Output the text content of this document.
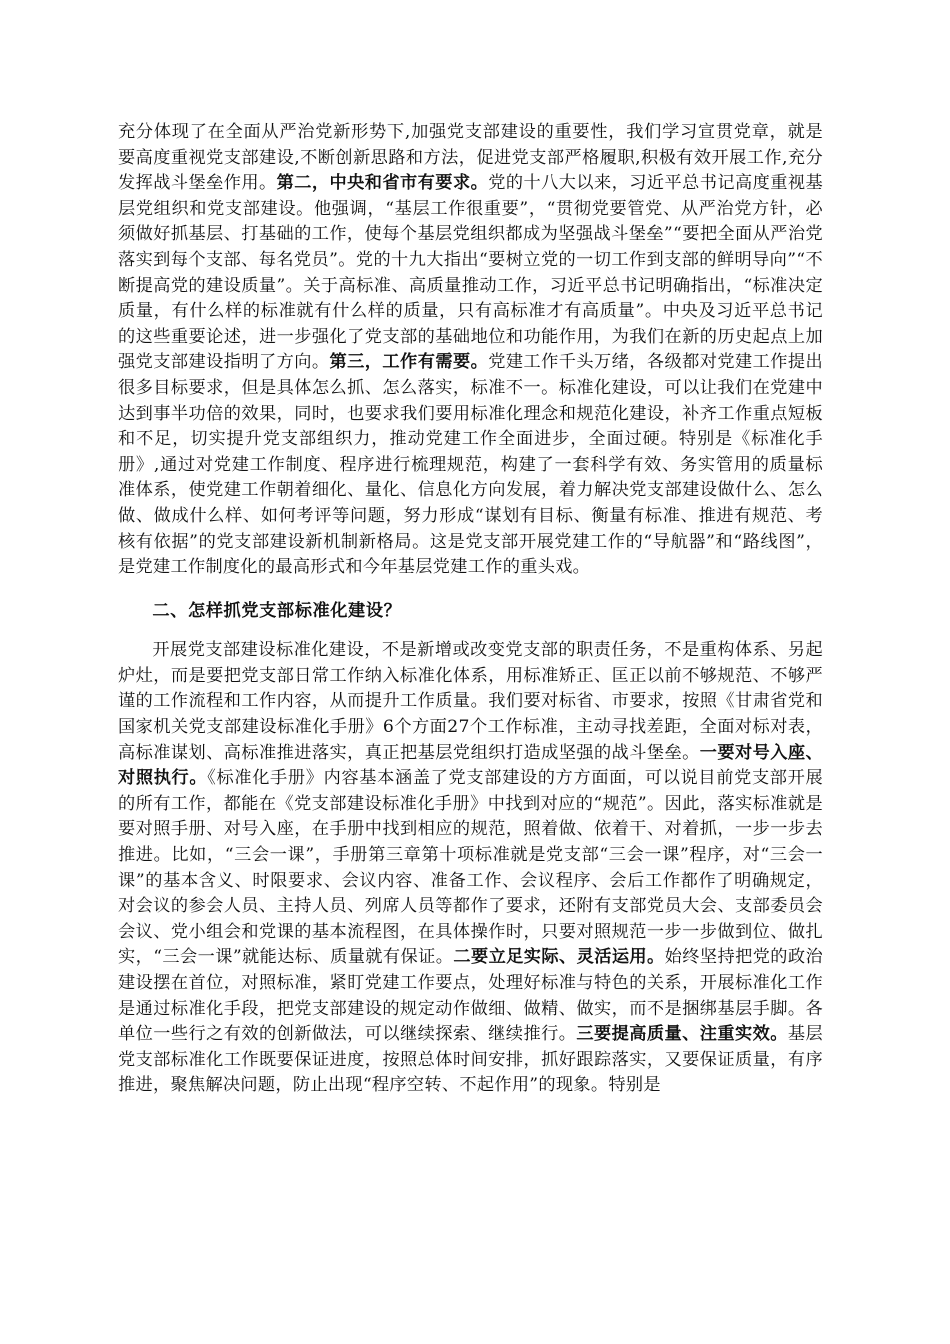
充分体现了在全面从严治党新形势下,加强党支部建设的重要性，我们学习宣贯党章，就是要高度重视党支部建设,不断创新思路和方法，促进党支部严格履职,积极有效开展工作,充分发挥战斗堡垒作用。第二，中央和省市有要求。党的十八大以来，习近平总书记高度重视基层党组织和党支部建设。他强调，“基层工作很重要”，“贯彻党要管党、从严治党方针，必须做好抓基层、打基础的工作，使每个基层党组织都成为坚强战斗堡垒”“要把全面从严治党落实到每个支部、每名党员”。党的十九大指出“要树立党的一切工作到支部的鲜明导向”“不断提高党的建设质量”。关于高标准、高质量推动工作，习近平总书记明确指出，“标准决定质量，有什么样的标准就有什么样的质量，只有高标准才有高质量”。中央及习近平总书记的这些重要论述，进一步强化了党支部的基础地位和功能作用，为我们在新的历史起点上加强党支部建设指明了方向。第三，工作有需要。党建工作千头万绪，各级都对党建工作提出很多目标要求，但是具体怎么抓、怎么落实，标准不一。标准化建设，可以让我们在党建中达到事半功倍的效果，同时，也要求我们要用标准化理念和规范化建设，补齐工作重点短板和不足，切实提升党支部组织力，推动党建工作全面进步，全面过硬。特别是《标准化手册》,通过对党建工作制度、程序进行梳理规范，构建了一套科学有效、务实管用的质量标准体系，使党建工作朝着细化、量化、信息化方向发展，着力解决党支部建设做什么、怎么做、做成什么样、如何考评等问题，努力形成“谋划有目标、衡量有标准、推进有规范、考核有依据”的党支部建设新机制新格局。这是党支部开展党建工作的“导航器”和“路线图”，是党建工作制度化的最高形式和今年基层党建工作的重头戏。

二、怎样抓党支部标准化建设？

开展党支部建设标准化建设，不是新增或改变党支部的职责任务，不是重构体系、另起炉灶，而是要把党支部日常工作纳入标准化体系，用标准矫正、匡正以前不够规范、不够严谨的工作流程和工作内容，从而提升工作质量。我们要对标省、市要求，按照《甘肃省党和国家机关党支部建设标准化手册》6个方面27个工作标准，主动寻找差距，全面对标对表，高标准谋划、高标准推进落实，真正把基层党组织打造成坚强的战斗堡垒。一要对号入座、对照执行。《标准化手册》内容基本涵盖了党支部建设的方方面面，可以说目前党支部开展的所有工作，都能在《党支部建设标准化手册》中找到对应的“规范”。因此，落实标准就是要对照手册、对号入座，在手册中找到相应的规范，照着做、依着干、对着抓，一步一步去推进。比如，“三会一课”，手册第三章第十项标准就是党支部“三会一课”程序，对“三会一课”的基本含义、时限要求、会议内容、准备工作、会议程序、会后工作都作了明确规定，对会议的参会人员、主持人员、列席人员等都作了要求，还附有支部党员大会、支部委员会会议、党小组会和党课的基本流程图，在具体操作时，只要对照规范一步一步做到位、做扎实，“三会一课”就能达标、质量就有保证。二要立足实际、灵活运用。始终坚持把党的政治建设摆在首位，对照标准，紧盯党建工作要点，处理好标准与特色的关系，开展标准化工作是通过标准化手段，把党支部建设的规定动作做细、做精、做实，而不是捆绑基层手脚。各单位一些行之有效的创新做法，可以继续探索、继续推行。三要提高质量、注重实效。基层党支部标准化工作既要保证进度，按照总体时间安排，抓好跟踪落实，又要保证质量，有序推进，聚焦解决问题，防止出现“程序空转、不起作用”的现象。特别是
